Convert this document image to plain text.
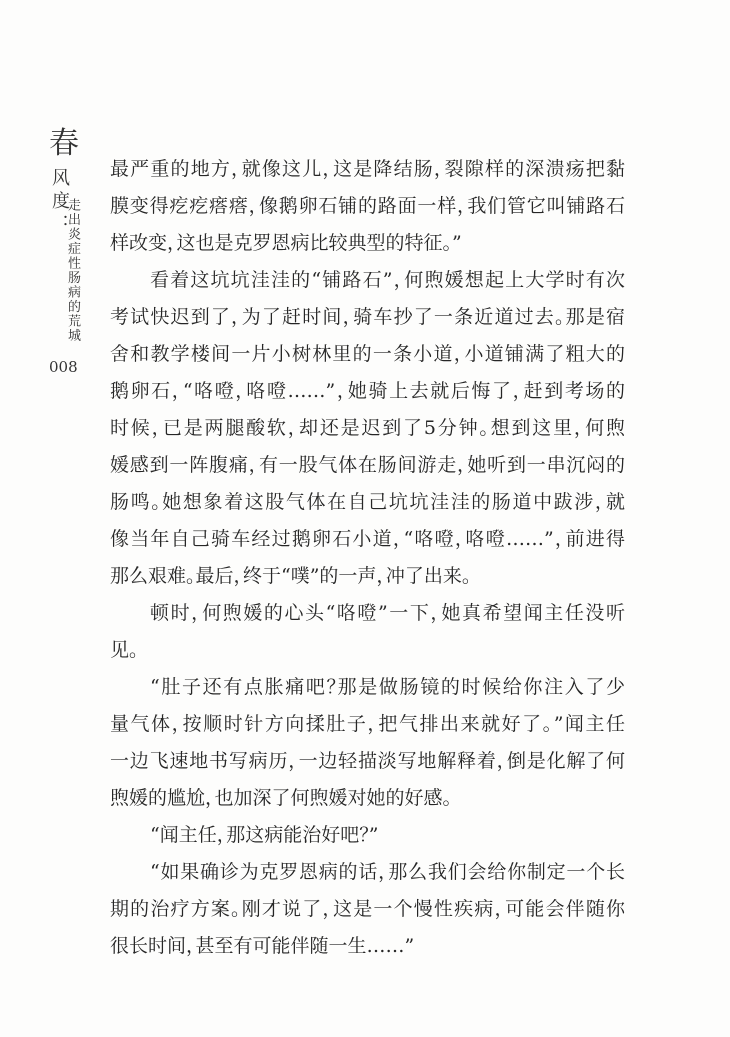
春
风度：
走出炎症性肠病的荒城
008
最严重的地方，就像这儿，这是降结肠，裂隙样的深溃疡把黏
膜变得疙疙瘩瘩，像鹅卵石铺的路面一样，我们管它叫铺路石
样改变，这也是克罗恩病比较典型的特征。”
看着这坑坑洼洼的“铺路石”，何煦媛想起上大学时有次
考试快迟到了，为了赶时间，骑车抄了一条近道过去。那是宿
舍和教学楼间一片小树林里的一条小道，小道铺满了粗大的
鹅卵石，“咯噔，咯噔……”，她骑上去就后悔了，赶到考场的
时候，已是两腿酸软，却还是迟到了5分钟。想到这里，何煦
媛感到一阵腹痛，有一股气体在肠间游走，她听到一串沉闷的
肠鸣。她想象着这股气体在自己坑坑洼洼的肠道中跋涉，就
像当年自己骑车经过鹅卵石小道，“咯噔，咯噔……”，前进得
那么艰难。最后，终于“噗”的一声，冲了出来。
顿时，何煦媛的心头“咯噔”一下，她真希望闻主任没听
见。
“肚子还有点胀痛吧？那是做肠镜的时候给你注入了少
量气体，按顺时针方向揉肚子，把气排出来就好了。”闻主任
一边飞速地书写病历，一边轻描淡写地解释着，倒是化解了何
煦媛的尴尬，也加深了何煦媛对她的好感。
“闻主任，那这病能治好吧？”
“如果确诊为克罗恩病的话，那么我们会给你制定一个长
期的治疗方案。刚才说了，这是一个慢性疾病，可能会伴随你
很长时间，甚至有可能伴随一生……”
